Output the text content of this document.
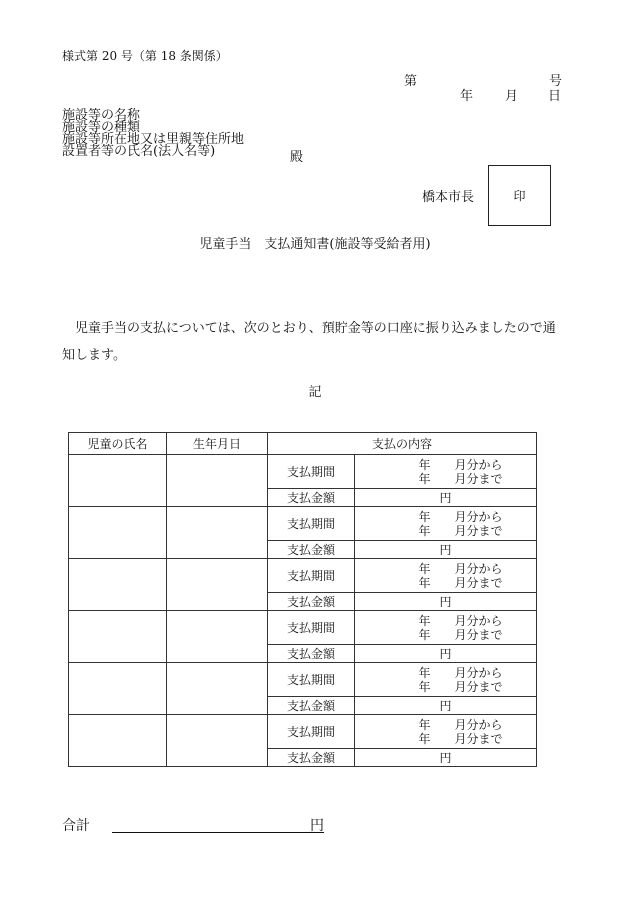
様式第 20 号（第 18 条関係）
第	号
年 月 日
施設等の名称
施設等の種類
施設等所在地又は里親等住所地
設置者等の氏名(法人名等)	殿
橋本市長	印
児童手当　支払通知書(施設等受給者用)
　児童手当の支払については、次のとおり、預貯金等の口座に振り込みましたので通知します。
記
児童の氏名	生年月日	支払の内容	
		支払期間	年 月分から
年 月分まで

		支払金額	円
		支払期間	年 月分から
年 月分まで

		支払金額	円
		支払期間	年 月分から
年 月分まで

		支払金額	円
		支払期間	年 月分から
年 月分まで

		支払金額	円
		支払期間	年 月分から
年 月分まで

		支払金額	円
		支払期間	年 月分から
年 月分まで

		支払金額	円
合計	円
